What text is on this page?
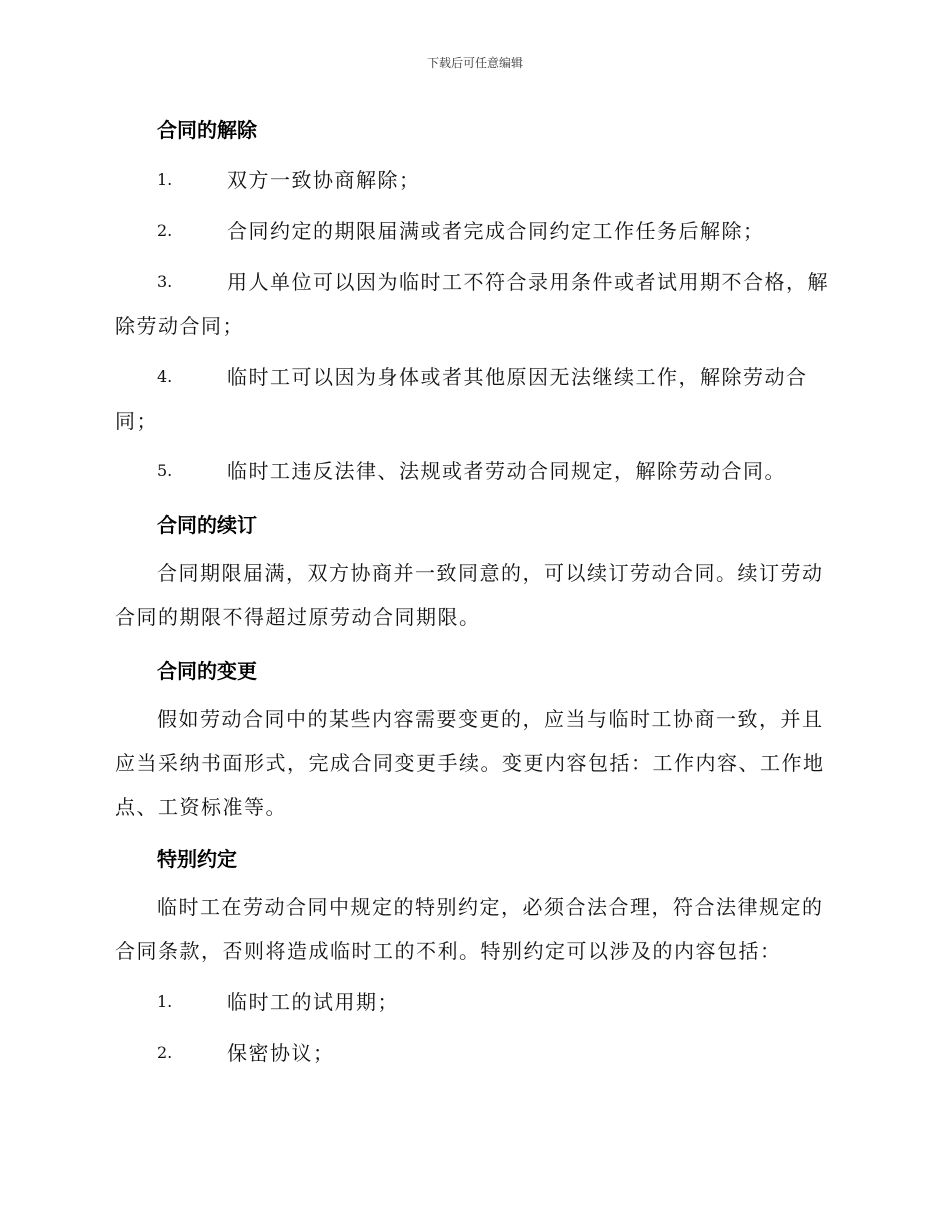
下载后可任意编辑
合同的解除
1.	双方一致协商解除；
2.	合同约定的期限届满或者完成合同约定工作任务后解除；
3.	用人单位可以因为临时工不符合录用条件或者试用期不合格，解除劳动合同；
4.	临时工可以因为身体或者其他原因无法继续工作，解除劳动合同；
5.	临时工违反法律、法规或者劳动合同规定，解除劳动合同。
合同的续订
合同期限届满，双方协商并一致同意的，可以续订劳动合同。续订劳动合同的期限不得超过原劳动合同期限。
合同的变更
假如劳动合同中的某些内容需要变更的，应当与临时工协商一致，并且应当采纳书面形式，完成合同变更手续。变更内容包括：工作内容、工作地点、工资标准等。
特别约定
临时工在劳动合同中规定的特别约定，必须合法合理，符合法律规定的合同条款，否则将造成临时工的不利。特别约定可以涉及的内容包括：
1.	临时工的试用期；
2.	保密协议；
